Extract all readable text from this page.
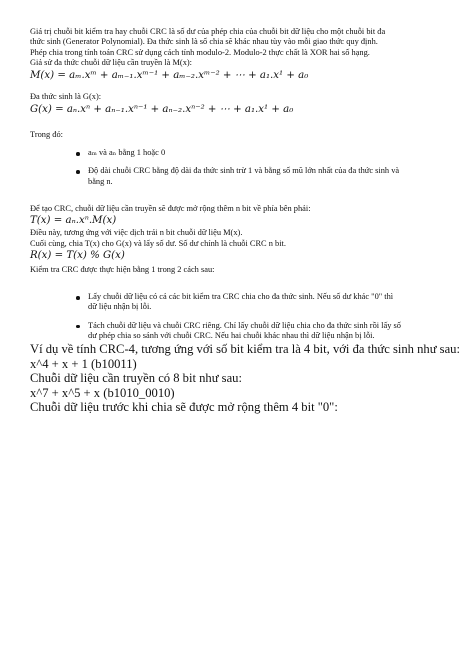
Giá trị chuỗi bit kiểm tra hay chuỗi CRC là số dư của phép chia của chuỗi bit dữ liệu cho một chuỗi bit đa

thức sinh (Generator Polynomial). Đa thức sinh là số chia sẽ khác nhau tùy vào mỗi giao thức quy định.

Phép chia trong tính toán CRC sử dụng cách tính modulo-2. Modulo-2 thực chất là XOR hai số hạng.

Giả sử đa thức chuỗi dữ liệu cần truyền là M(x):

M(x) = aₘ.xᵐ + aₘ₋₁.xᵐ⁻¹ + aₘ₋₂.xᵐ⁻² + ⋯ + a₁.x¹ + a₀

Đa thức sinh là G(x):

G(x) = aₙ.xⁿ + aₙ₋₁.xⁿ⁻¹ + aₙ₋₂.xⁿ⁻² + ⋯ + a₁.x¹ + a₀

Trong đó:

aₘ và aₙ bằng 1 hoặc 0
Độ dài chuỗi CRC bằng độ dài đa thức sinh trừ 1 và bằng số mũ lớn nhất của đa thức sinh và
bằng n.

Để tạo CRC, chuỗi dữ liệu cần truyền sẽ được mở rộng thêm n bit về phía bên phải:

T(x) = aₙ.xⁿ.M(x)

Điều này, tương ứng với việc dịch trái n bit chuỗi dữ liệu M(x).

Cuối cùng, chia T(x) cho G(x) và lấy số dư. Số dư chính là chuỗi CRC n bit.

R(x) = T(x) % G(x)

Kiểm tra CRC được thực hiện bằng 1 trong 2 cách sau:

Lấy chuỗi dữ liệu có cả các bit kiểm tra CRC chia cho đa thức sinh. Nếu số dư khác "0" thì
dữ liệu nhận bị lỗi.
Tách chuỗi dữ liệu và chuỗi CRC riêng. Chỉ lấy chuỗi dữ liệu chia cho đa thức sinh rồi lấy số
dư phép chia so sánh với chuỗi CRC. Nếu hai chuỗi khác nhau thì dữ liệu nhận bị lỗi.

Ví dụ về tính CRC-4, tương ứng với số bit kiểm tra là 4 bit, với đa thức sinh như sau:

x^4 + x + 1 (b10011)

Chuỗi dữ liệu cần truyền có 8 bit như sau:

x^7 + x^5 + x (b1010_0010)

Chuỗi dữ liệu trước khi chia sẽ được mở rộng thêm 4 bit "0":
